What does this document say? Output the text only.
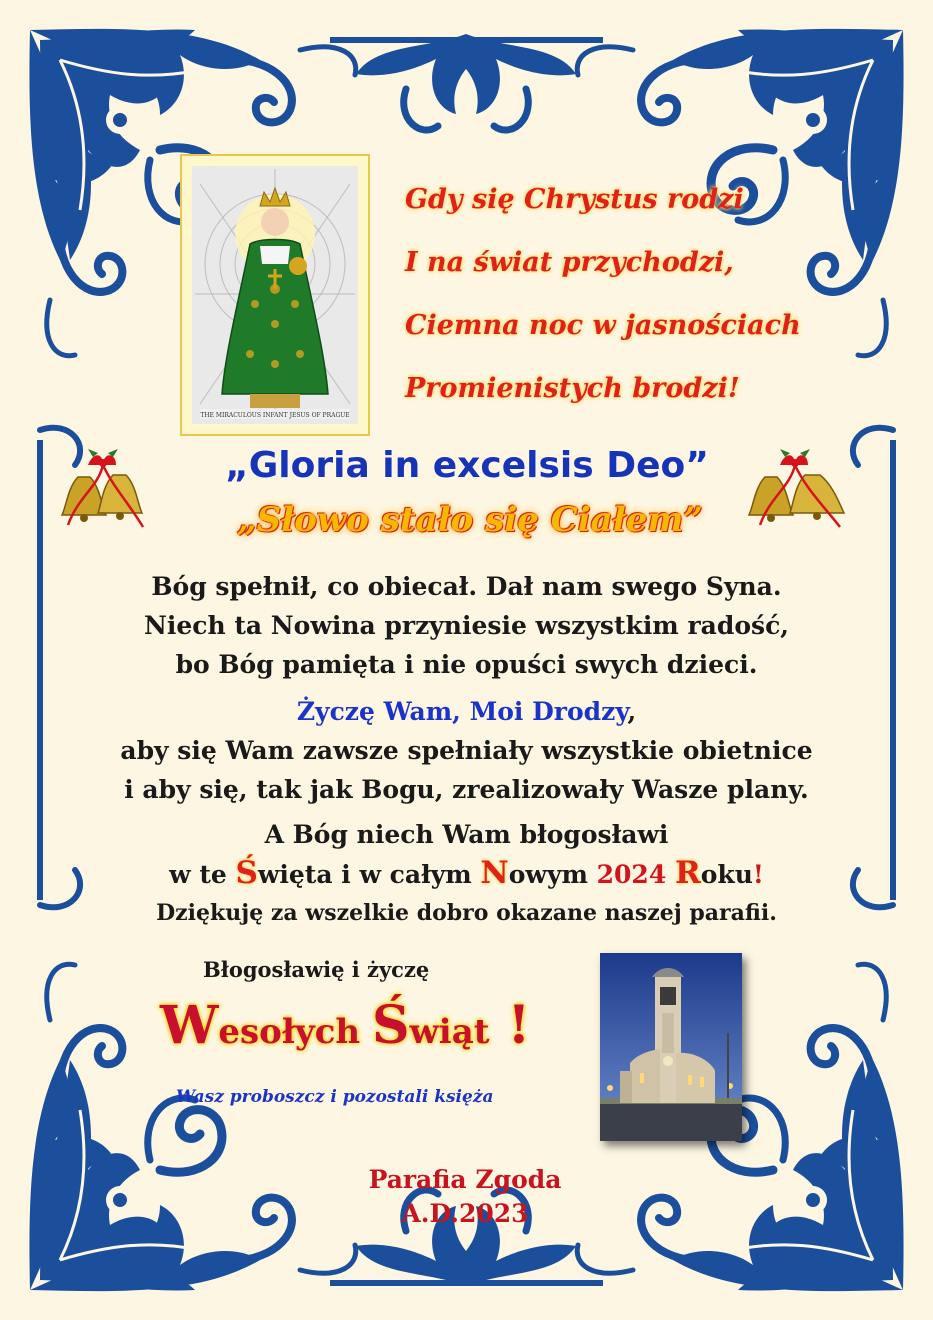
THE MIRACULOUS INFANT JESUS OF PRAGUE
Gdy się Chrystus rodzi
I na świat przychodzi,
Ciemna noc w jasnościach
Promienistych brodzi!
„Gloria in excelsis Deo”
„Słowo stało się Ciałem”
Bóg spełnił, co obiecał. Dał nam swego Syna.
Niech ta Nowina przyniesie wszystkim radość,
bo Bóg pamięta i nie opuści swych dzieci.
Życzę Wam, Moi Drodzy,
aby się Wam zawsze spełniały wszystkie obietnice
i aby się, tak jak Bogu, zrealizowały Wasze plany.
A Bóg niech Wam błogosławi
w te Święta i w całym Nowym 2024 Roku!
Dziękuję za wszelkie dobro okazane naszej parafii.
Błogosławię i życzę
Wesołych Świąt !
Wasz proboszcz i pozostali księża
Parafia Zgoda
A.D.2023
